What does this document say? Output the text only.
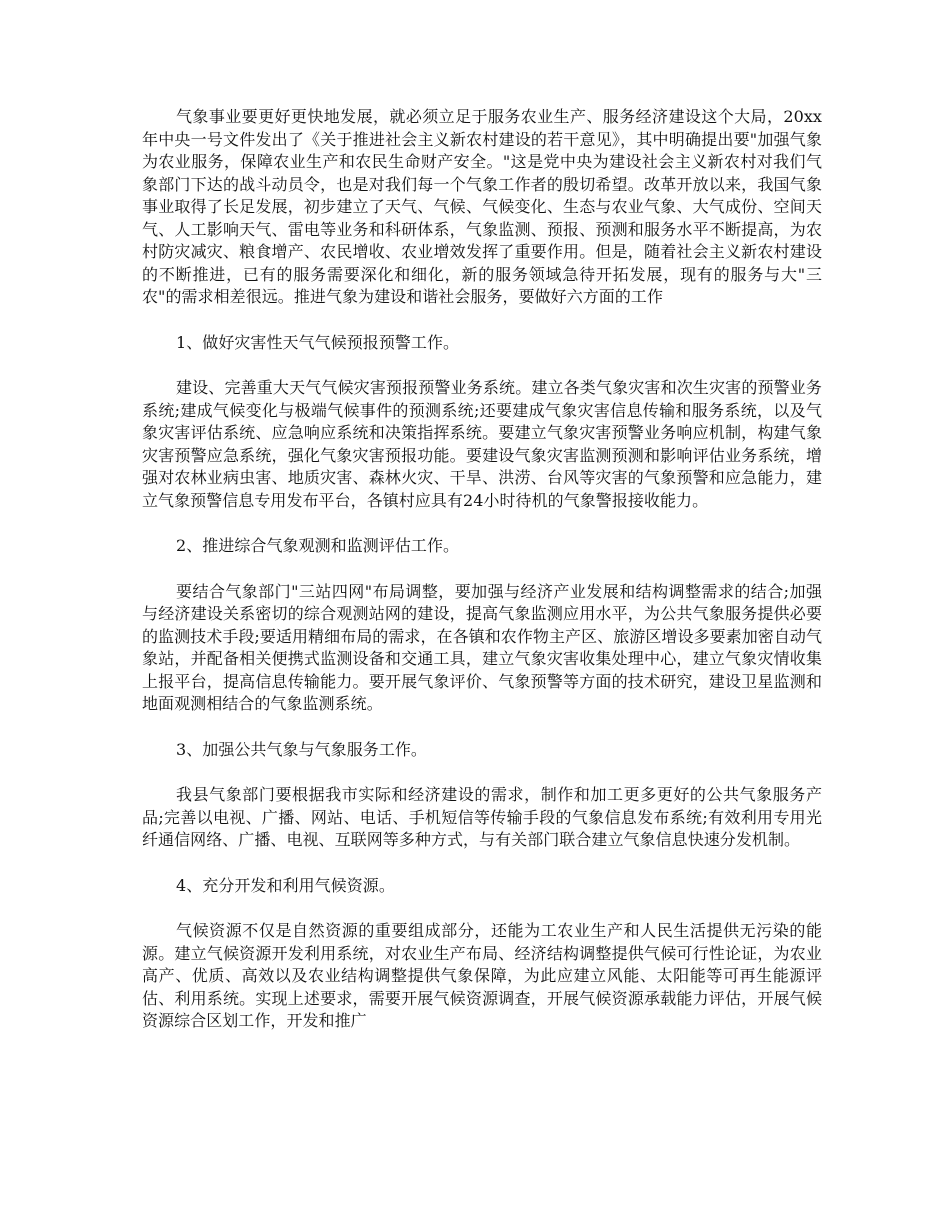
气象事业要更好更快地发展，就必须立足于服务农业生产、服务经济建设这个大局，20xx年中央一号文件发出了《关于推进社会主义新农村建设的若干意见》，其中明确提出要"加强气象为农业服务，保障农业生产和农民生命财产安全。"这是党中央为建设社会主义新农村对我们气象部门下达的战斗动员令，也是对我们每一个气象工作者的殷切希望。改革开放以来，我国气象事业取得了长足发展，初步建立了天气、气候、气候变化、生态与农业气象、大气成份、空间天气、人工影响天气、雷电等业务和科研体系，气象监测、预报、预测和服务水平不断提高，为农村防灾减灾、粮食增产、农民增收、农业增效发挥了重要作用。但是，随着社会主义新农村建设的不断推进，已有的服务需要深化和细化，新的服务领域急待开拓发展，现有的服务与大"三农"的需求相差很远。推进气象为建设和谐社会服务，要做好六方面的工作

1、做好灾害性天气气候预报预警工作。

建设、完善重大天气气候灾害预报预警业务系统。建立各类气象灾害和次生灾害的预警业务系统;建成气候变化与极端气候事件的预测系统;还要建成气象灾害信息传输和服务系统，以及气象灾害评估系统、应急响应系统和决策指挥系统。要建立气象灾害预警业务响应机制，构建气象灾害预警应急系统，强化气象灾害预报功能。要建设气象灾害监测预测和影响评估业务系统，增强对农林业病虫害、地质灾害、森林火灾、干旱、洪涝、台风等灾害的气象预警和应急能力，建立气象预警信息专用发布平台，各镇村应具有24小时待机的气象警报接收能力。

2、推进综合气象观测和监测评估工作。

要结合气象部门"三站四网"布局调整，要加强与经济产业发展和结构调整需求的结合;加强与经济建设关系密切的综合观测站网的建设，提高气象监测应用水平，为公共气象服务提供必要的监测技术手段;要适用精细布局的需求，在各镇和农作物主产区、旅游区增设多要素加密自动气象站，并配备相关便携式监测设备和交通工具，建立气象灾害收集处理中心，建立气象灾情收集上报平台，提高信息传输能力。要开展气象评价、气象预警等方面的技术研究，建设卫星监测和地面观测相结合的气象监测系统。

3、加强公共气象与气象服务工作。

我县气象部门要根据我市实际和经济建设的需求，制作和加工更多更好的公共气象服务产品;完善以电视、广播、网站、电话、手机短信等传输手段的气象信息发布系统;有效利用专用光纤通信网络、广播、电视、互联网等多种方式，与有关部门联合建立气象信息快速分发机制。

4、充分开发和利用气候资源。

气候资源不仅是自然资源的重要组成部分，还能为工农业生产和人民生活提供无污染的能源。建立气候资源开发利用系统，对农业生产布局、经济结构调整提供气候可行性论证，为农业高产、优质、高效以及农业结构调整提供气象保障，为此应建立风能、太阳能等可再生能源评估、利用系统。实现上述要求，需要开展气候资源调查，开展气候资源承载能力评估，开展气候资源综合区划工作，开发和推广
